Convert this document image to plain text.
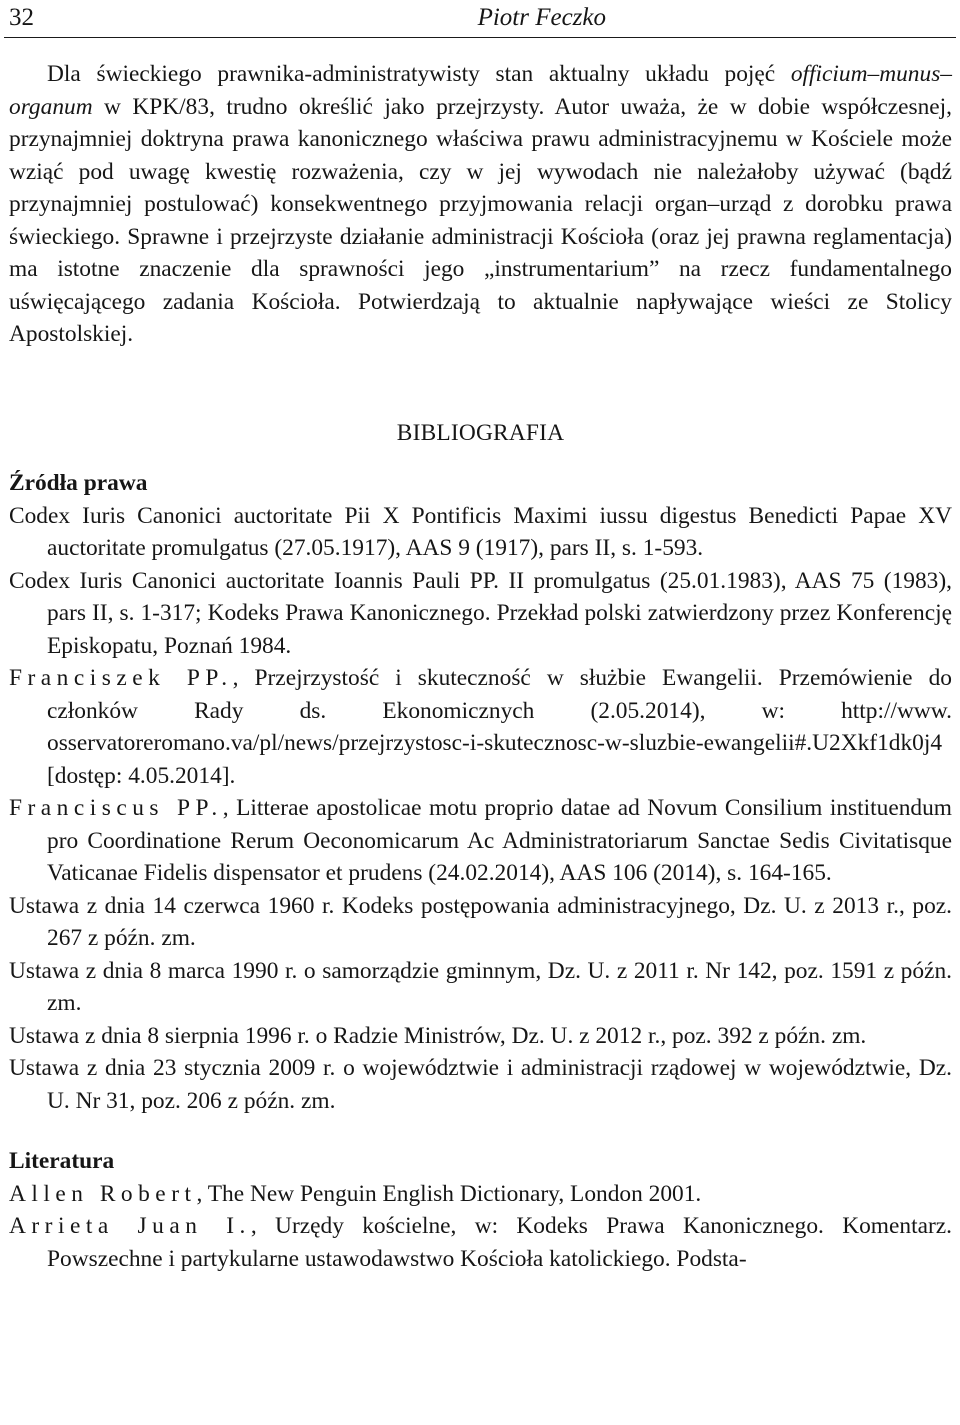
32	Piotr Feczko

Dla świeckiego prawnika-administratywisty stan aktualny układu pojęć officium–munus–organum w KPK/83, trudno określić jako przejrzysty. Autor uważa, że w dobie współczesnej, przynajmniej doktryna prawa kanonicznego właściwa prawu administracyjnemu w Kościele może wziąć pod uwagę kwestię rozważenia, czy w jej wywodach nie należałoby używać (bądź przynajmniej postulować) konsekwentnego przyjmowania relacji organ–urząd z dorobku prawa świeckiego. Sprawne i przejrzyste działanie administracji Kościoła (oraz jej prawna reglamentacja) ma istotne znaczenie dla sprawności jego „instrumentarium” na rzecz fundamentalnego uświęcającego zadania Kościoła. Potwierdzają to aktualnie napływające wieści ze Stolicy Apostolskiej.

BIBLIOGRAFIA
Źródła prawa
Codex Iuris Canonici auctoritate Pii X Pontificis Maximi iussu digestus Benedicti Papae XV auctoritate promulgatus (27.05.1917), AAS 9 (1917), pars II, s. 1-593.
Codex Iuris Canonici auctoritate Ioannis Pauli PP. II promulgatus (25.01.1983), AAS 75 (1983), pars II, s. 1-317; Kodeks Prawa Kanonicznego. Przekład polski zatwierdzony przez Konferencję Episkopatu, Poznań 1984.
Franciszek PP., Przejrzystość i skuteczność w służbie Ewangelii. Przemówienie do członków Rady ds. Ekonomicznych (2.05.2014), w: http://www. osservatoreromano.va/pl/news/przejrzystosc-i-skutecznosc-w-sluzbie-ewangelii#.U2Xkf1dk0j4 [dostęp: 4.05.2014].
Franciscus PP., Litterae apostolicae motu proprio datae ad Novum Consilium instituendum pro Coordinatione Rerum Oeconomicarum Ac Administratoriarum Sanctae Sedis Civitatisque Vaticanae Fidelis dispensator et prudens (24.02.2014), AAS 106 (2014), s. 164-165.
Ustawa z dnia 14 czerwca 1960 r. Kodeks postępowania administracyjnego, Dz. U. z 2013 r., poz. 267 z późn. zm.
Ustawa z dnia 8 marca 1990 r. o samorządzie gminnym, Dz. U. z 2011 r. Nr 142, poz. 1591 z późn. zm.
Ustawa z dnia 8 sierpnia 1996 r. o Radzie Ministrów, Dz. U. z 2012 r., poz. 392 z późn. zm.
Ustawa z dnia 23 stycznia 2009 r. o województwie i administracji rządowej w województwie, Dz. U. Nr 31, poz. 206 z późn. zm.
Literatura
Allen Robert, The New Penguin English Dictionary, London 2001.
Arrieta Juan I., Urzędy kościelne, w: Kodeks Prawa Kanonicznego. Komentarz. Powszechne i partykularne ustawodawstwo Kościoła katolickiego. Podsta-
